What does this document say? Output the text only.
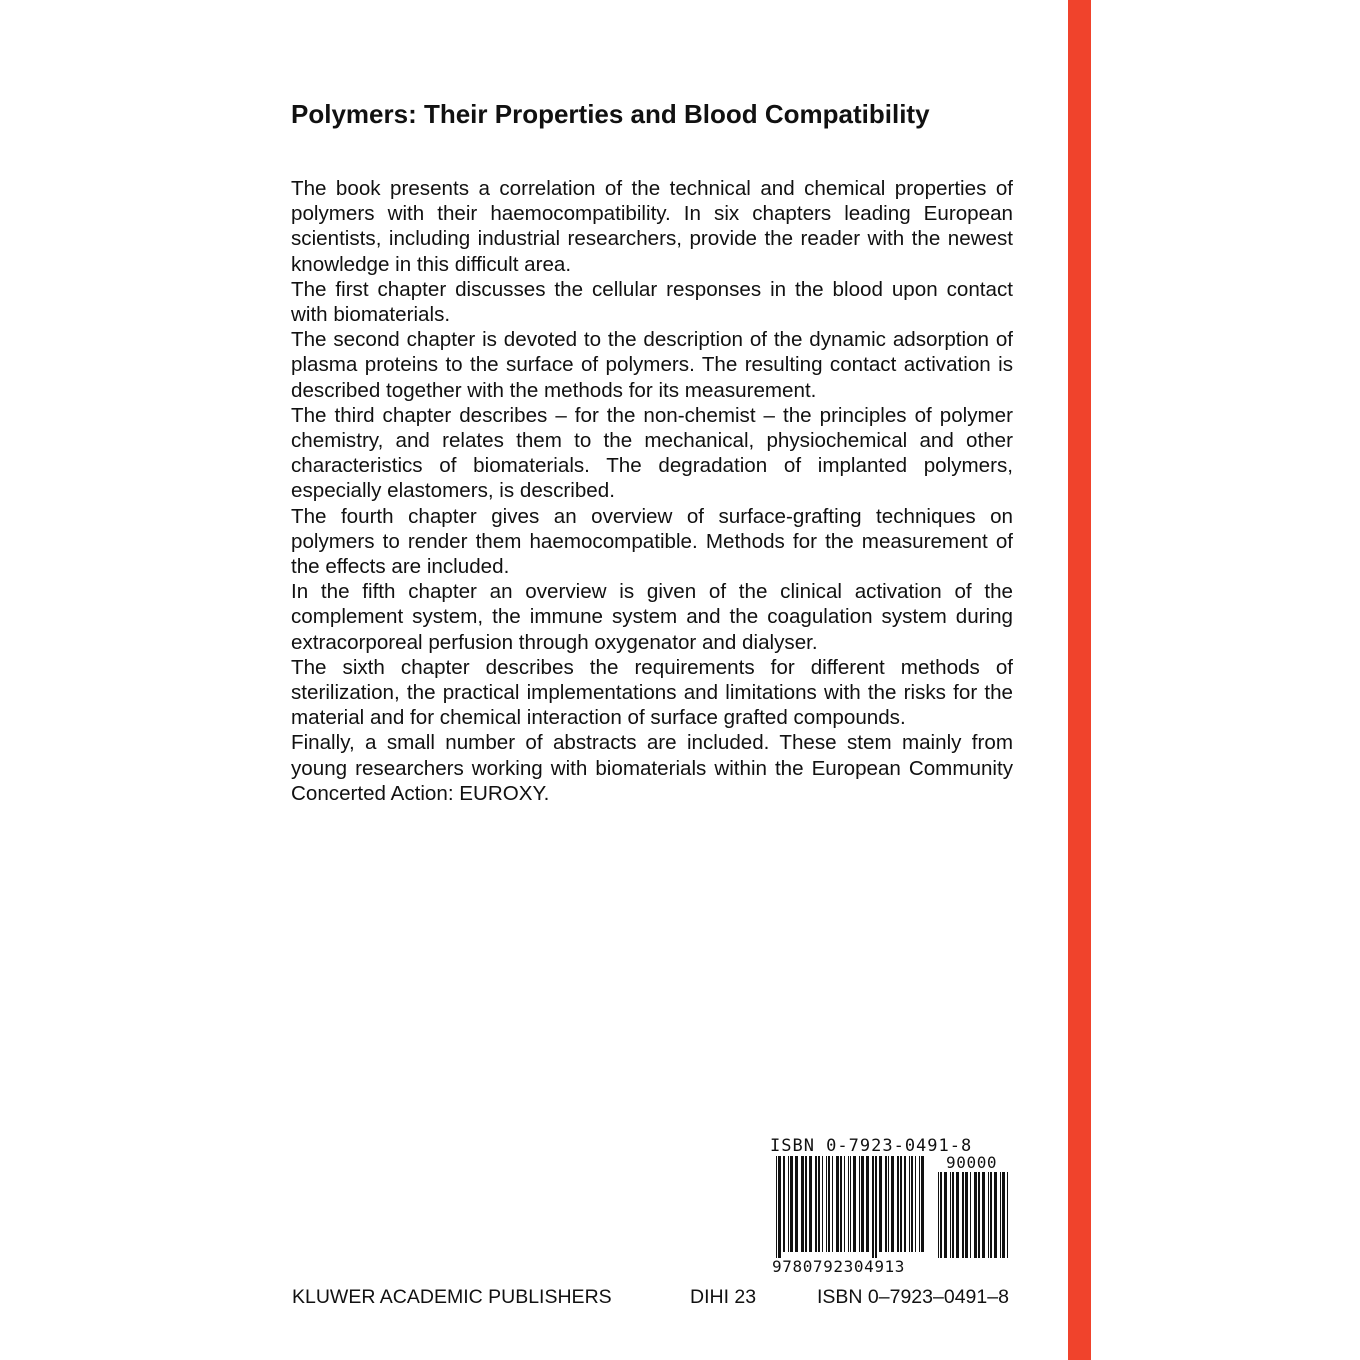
Polymers: Their Properties and Blood Compatibility

The book presents a correlation of the technical and chemical properties of polymers with their haemocompatibility. In six chapters leading European scientists, including industrial researchers, provide the reader with the newest knowledge in this difficult area.

The first chapter discusses the cellular responses in the blood upon contact with biomaterials.

The second chapter is devoted to the description of the dynamic adsorption of plasma proteins to the surface of polymers. The resulting contact activation is described together with the methods for its measurement.

The third chapter describes – for the non-chemist – the principles of polymer chemistry, and relates them to the mechanical, physiochemical and other characteristics of biomaterials. The degradation of implanted polymers, especially elastomers, is described.

The fourth chapter gives an overview of surface-grafting techniques on polymers to render them haemocompatible. Methods for the measurement of the effects are included.

In the fifth chapter an overview is given of the clinical activation of the complement system, the immune system and the coagulation system during extracorporeal perfusion through oxygenator and dialyser.

The sixth chapter describes the requirements for different methods of sterilization, the practical implementations and limitations with the risks for the material and for chemical interaction of surface grafted compounds.

Finally, a small number of abstracts are included. These stem mainly from young researchers working with biomaterials within the European Community Concerted Action: EUROXY.

ISBN 0-7923-0491-8
9780792304913
90000
KLUWER ACADEMIC PUBLISHERS	DIHI 23	ISBN 0–7923–0491–8
